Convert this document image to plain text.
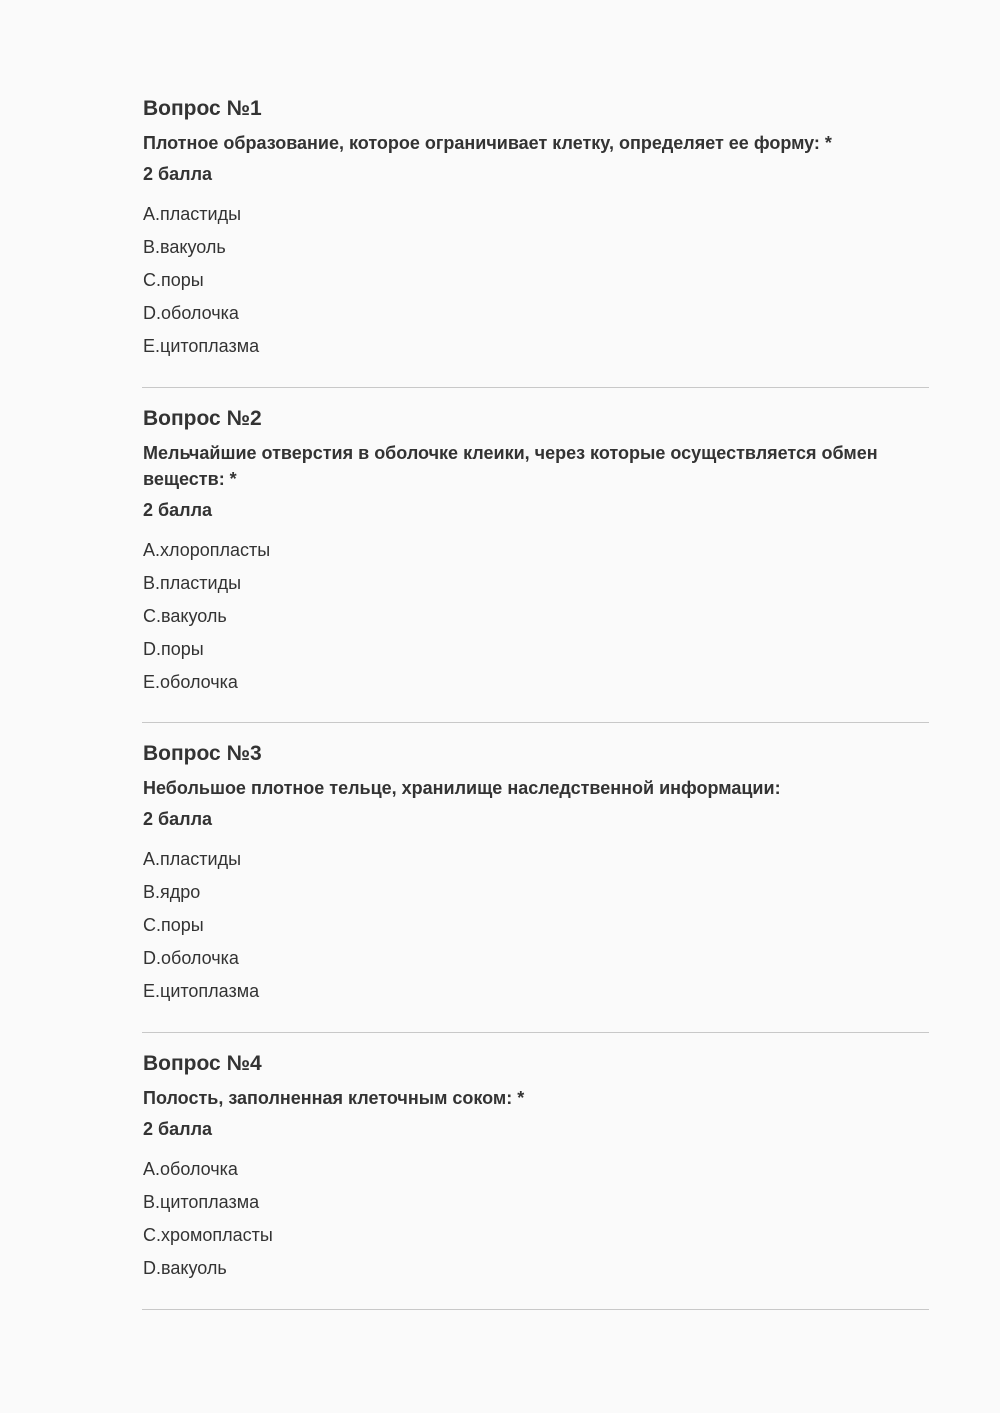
Вопрос №1
Плотное образование, которое ограничивает клетку, определяет ее форму: *
2 балла
A.пластиды
B.вакуоль
C.поры
D.оболочка
E.цитоплазма
Вопрос №2
Мельчайшие отверстия в оболочке клеики, через которые осуществляется обмен веществ: *
2 балла
A.хлоропласты
B.пластиды
C.вакуоль
D.поры
E.оболочка
Вопрос №3
Небольшое плотное тельце, хранилище наследственной информации:
2 балла
A.пластиды
B.ядро
C.поры
D.оболочка
E.цитоплазма
Вопрос №4
Полость, заполненная клеточным соком: *
2 балла
A.оболочка
B.цитоплазма
C.хромопласты
D.вакуоль
